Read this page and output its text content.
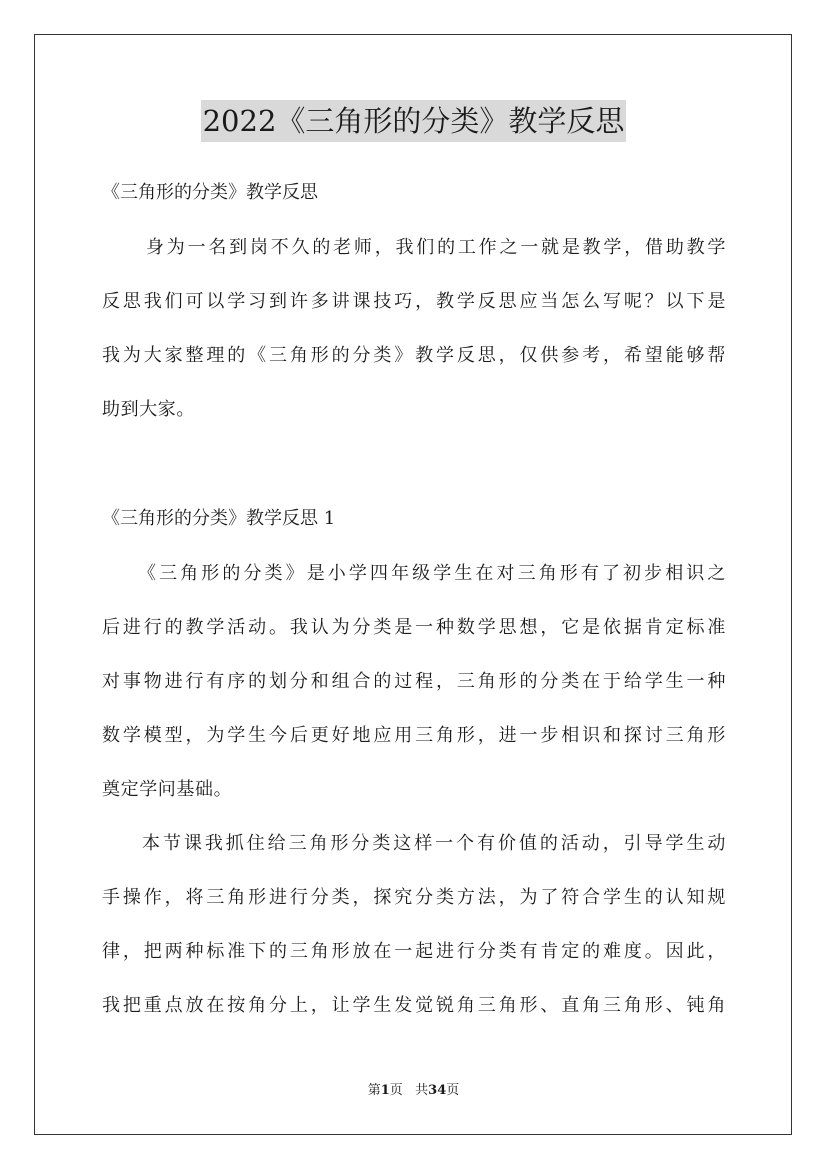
2022《三角形的分类》教学反思
《三角形的分类》教学反思
身为一名到岗不久的老师，我们的工作之一就是教学，借助教学
反思我们可以学习到许多讲课技巧，教学反思应当怎么写呢？以下是
我为大家整理的《三角形的分类》教学反思，仅供参考，希望能够帮
助到大家。
《三角形的分类》教学反思 1
《三角形的分类》是小学四年级学生在对三角形有了初步相识之
后进行的教学活动。我认为分类是一种数学思想，它是依据肯定标准
对事物进行有序的划分和组合的过程，三角形的分类在于给学生一种
数学模型，为学生今后更好地应用三角形，进一步相识和探讨三角形
奠定学问基础。
本节课我抓住给三角形分类这样一个有价值的活动，引导学生动
手操作，将三角形进行分类，探究分类方法，为了符合学生的认知规
律，把两种标准下的三角形放在一起进行分类有肯定的难度。因此，
我把重点放在按角分上，让学生发觉锐角三角形、直角三角形、钝角
第1页   共34页
